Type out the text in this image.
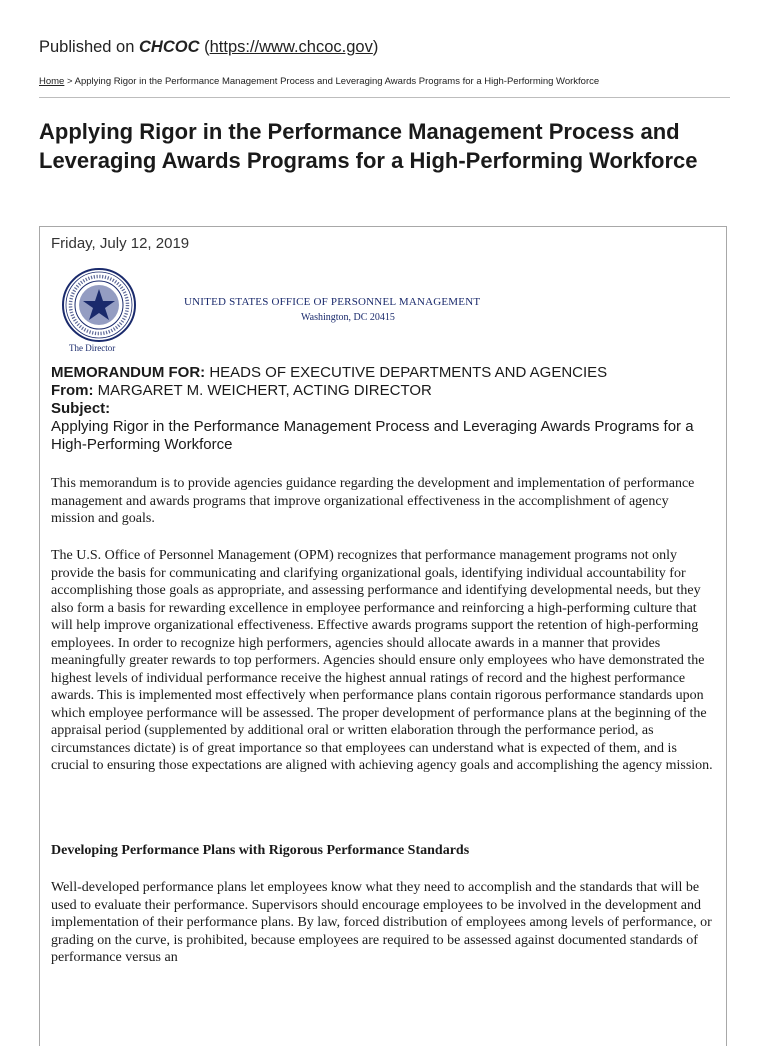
Published on CHCOC (https://www.chcoc.gov)
Home > Applying Rigor in the Performance Management Process and Leveraging Awards Programs for a High-Performing Workforce
Applying Rigor in the Performance Management Process and Leveraging Awards Programs for a High-Performing Workforce
Friday, July 12, 2019
The Director
UNITED STATES OFFICE OF PERSONNEL MANAGEMENT
Washington, DC 20415
MEMORANDUM FOR: HEADS OF EXECUTIVE DEPARTMENTS AND AGENCIES
From: MARGARET M. WEICHERT, ACTING DIRECTOR
Subject:
Applying Rigor in the Performance Management Process and Leveraging Awards Programs for a High-Performing Workforce

This memorandum is to provide agencies guidance regarding the development and implementation of performance management and awards programs that improve organizational effectiveness in the accomplishment of agency mission and goals.

The U.S. Office of Personnel Management (OPM) recognizes that performance management programs not only provide the basis for communicating and clarifying organizational goals, identifying individual accountability for accomplishing those goals as appropriate, and assessing performance and identifying developmental needs, but they also form a basis for rewarding excellence in employee performance and reinforcing a high-performing culture that will help improve organizational effectiveness. Effective awards programs support the retention of high-performing employees. In order to recognize high performers, agencies should allocate awards in a manner that provides meaningfully greater rewards to top performers. Agencies should ensure only employees who have demonstrated the highest levels of individual performance receive the highest annual ratings of record and the highest performance awards. This is implemented most effectively when performance plans contain rigorous performance standards upon which employee performance will be assessed. The proper development of performance plans at the beginning of the appraisal period (supplemented by additional oral or written elaboration through the performance period, as circumstances dictate) is of great importance so that employees can understand what is expected of them, and is crucial to ensuring those expectations are aligned with achieving agency goals and accomplishing the agency mission.

Developing Performance Plans with Rigorous Performance Standards

Well-developed performance plans let employees know what they need to accomplish and the standards that will be used to evaluate their performance. Supervisors should encourage employees to be involved in the development and implementation of their performance plans. By law, forced distribution of employees among levels of performance, or grading on the curve, is prohibited, because employees are required to be assessed against documented standards of performance versus an
